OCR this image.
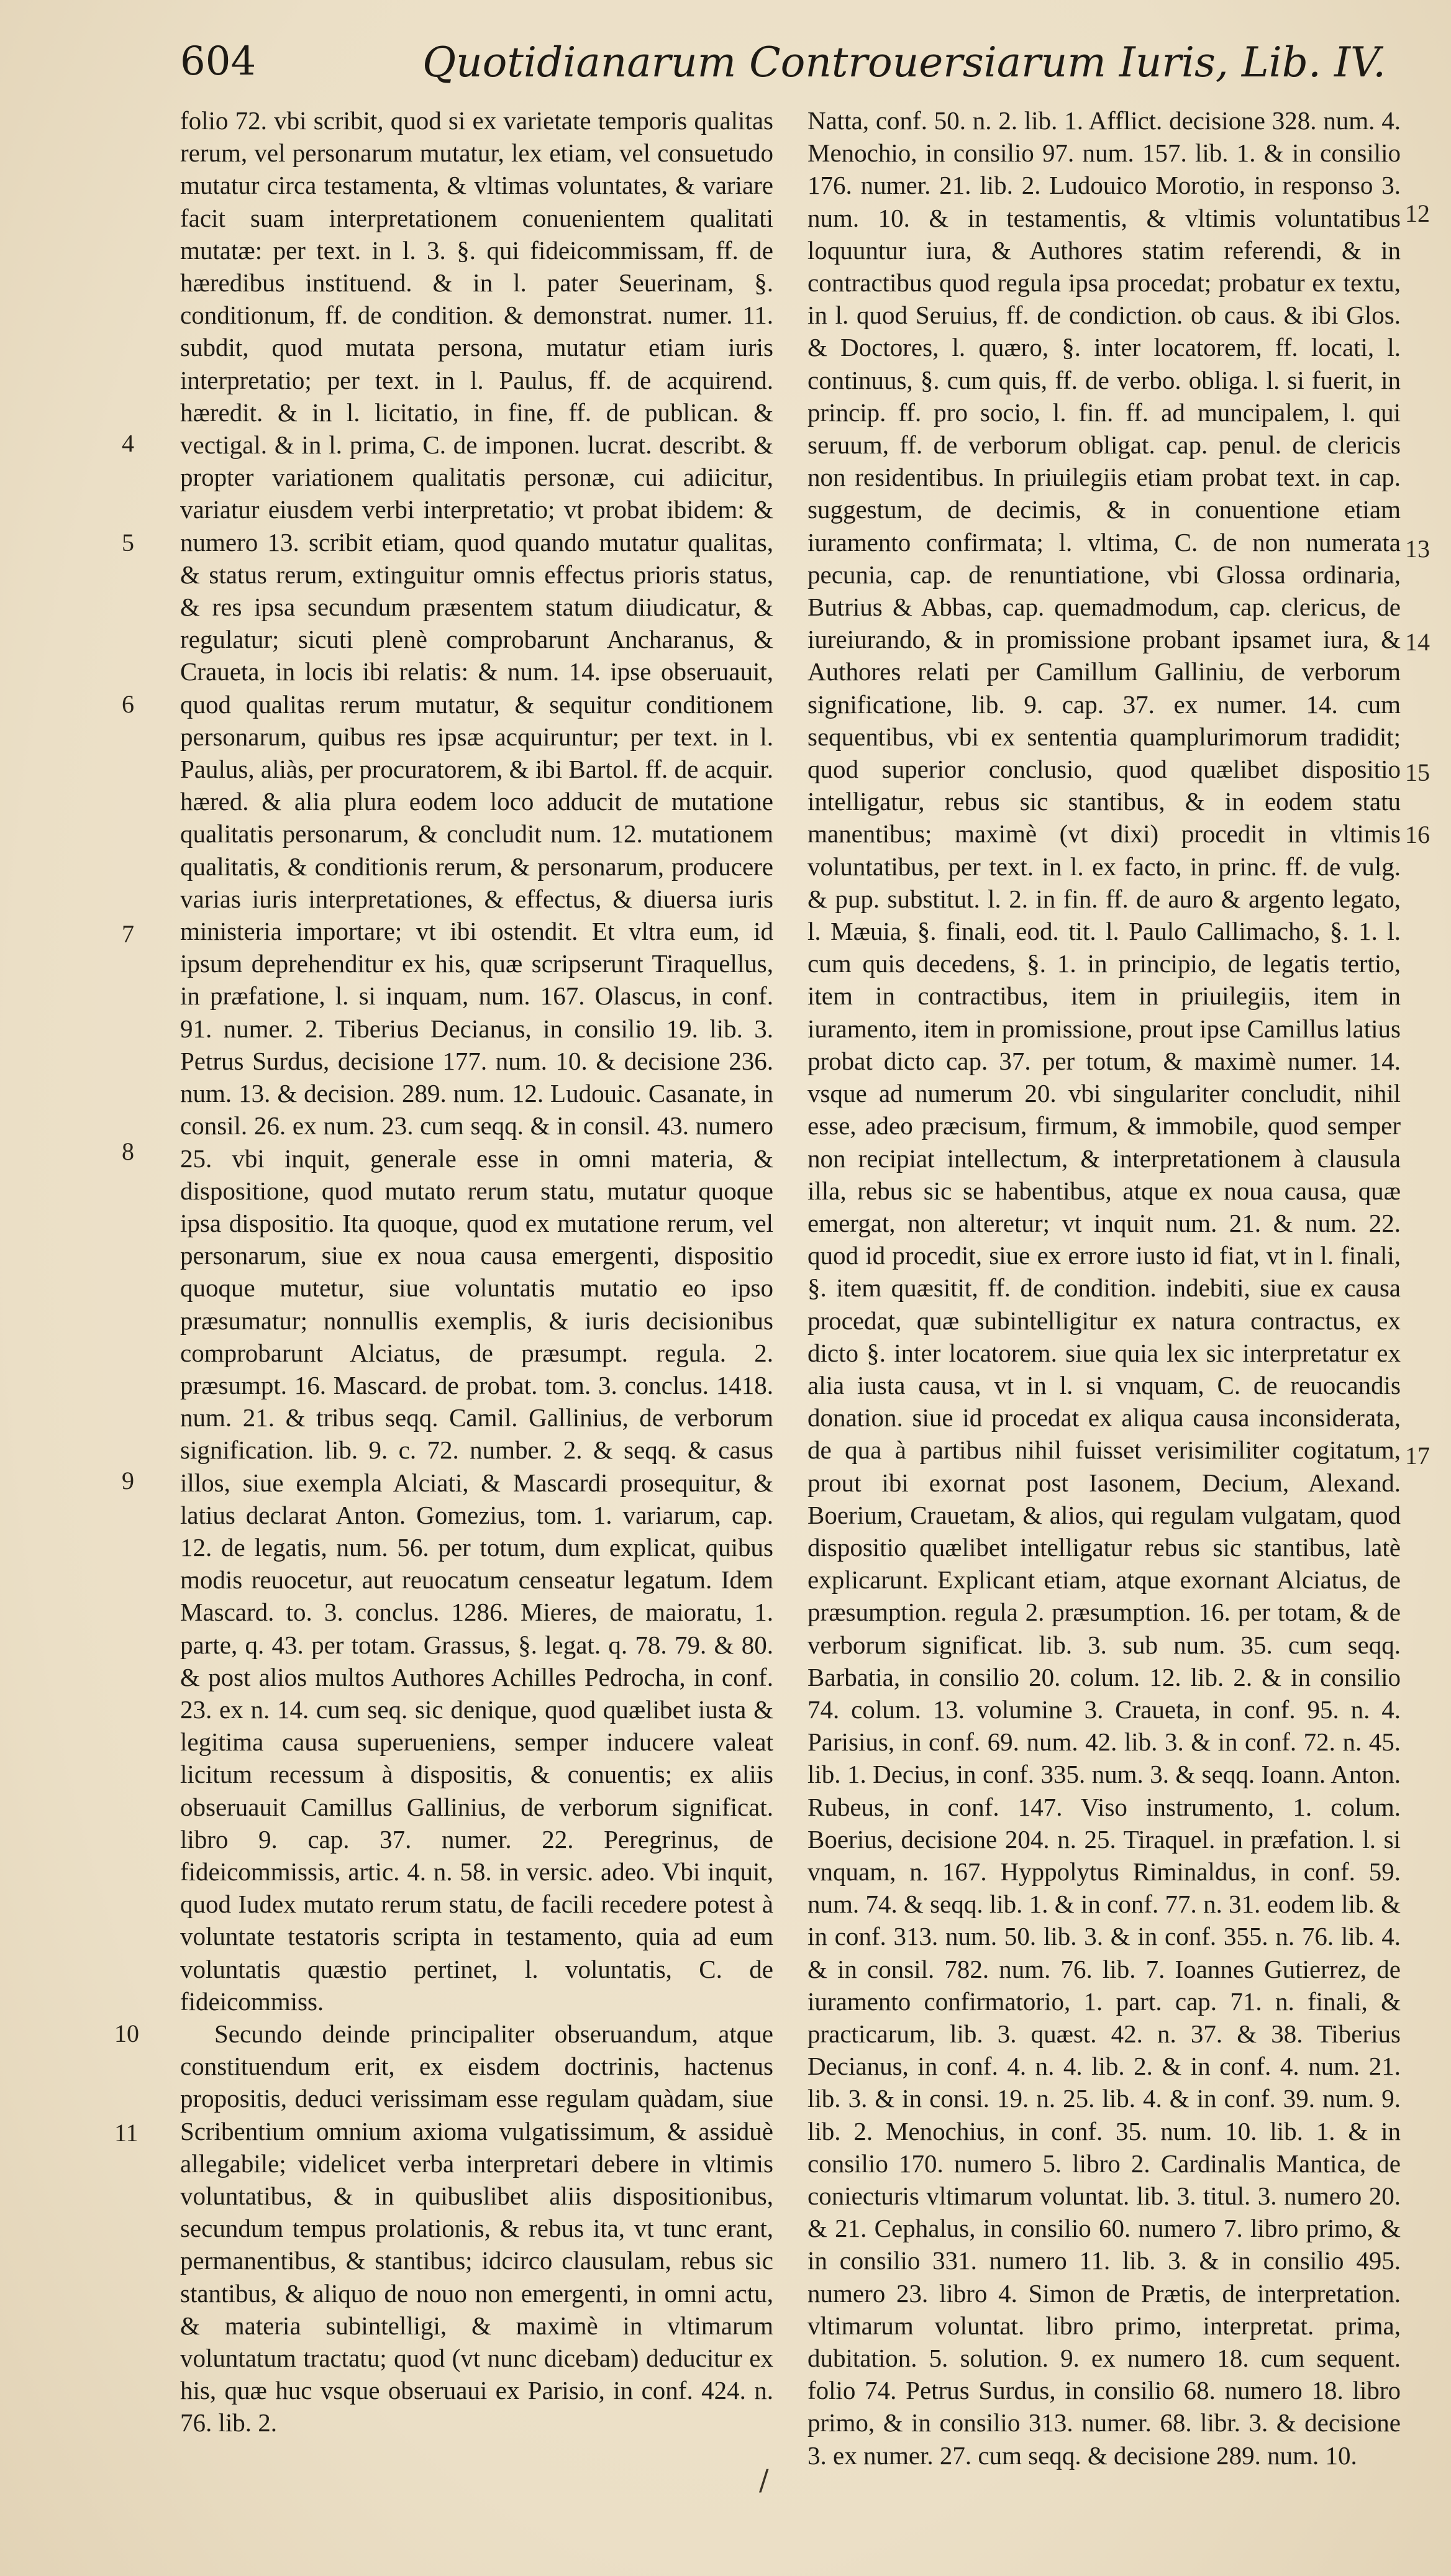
604	Quotidianarum Controuersiarum Iuris, Lib. IV.

folio 72. vbi scribit, quod si ex varietate temporis qualitas rerum, vel personarum mutatur, lex etiam, vel consuetudo mutatur circa testamenta, & vltimas voluntates, & variare facit suam interpretationem conuenientem qualitati mutatæ: per text. in l. 3. §. qui fideicommissam, ff. de hæredibus instituend. & in l. pater Seuerinam, §. conditionum, ff. de condition. & demonstrat. numer. 11. subdit, quod mutata persona, mutatur etiam iuris interpretatio; per text. in l. Paulus, ff. de acquirend. hæredit. & in l. licitatio, in fine, ff. de publican. & vectigal. & in l. prima, C. de imponen. lucrat. describt. & propter variationem qualitatis personæ, cui adiicitur, variatur eiusdem verbi interpretatio; vt probat ibidem: & numero 13. scribit etiam, quod quando mutatur qualitas, & status rerum, extinguitur omnis effectus prioris status, & res ipsa secundum præsentem statum diiudicatur, & regulatur; sicuti plenè comprobarunt Ancharanus, & Craueta, in locis ibi relatis: & num. 14. ipse obseruauit, quod qualitas rerum mutatur, & sequitur conditionem personarum, quibus res ipsæ acquiruntur; per text. in l. Paulus, aliàs, per procuratorem, & ibi Bartol. ff. de acquir. hæred. & alia plura eodem loco adducit de mutatione qualitatis personarum, & concludit num. 12. mutationem qualitatis, & conditionis rerum, & personarum, producere varias iuris interpretationes, & effectus, & diuersa iuris ministeria importare; vt ibi ostendit. Et vltra eum, id ipsum deprehenditur ex his, quæ scripserunt Tiraquellus, in præfatione, l. si inquam, num. 167. Olascus, in conf. 91. numer. 2. Tiberius Decianus, in consilio 19. lib. 3. Petrus Surdus, decisione 177. num. 10. & decisione 236. num. 13. & decision. 289. num. 12. Ludouic. Casanate, in consil. 26. ex num. 23. cum seqq. & in consil. 43. numero 25. vbi inquit, generale esse in omni materia, & dispositione, quod mutato rerum statu, mutatur quoque ipsa dispositio. Ita quoque, quod ex mutatione rerum, vel personarum, siue ex noua causa emergenti, dispositio quoque mutetur, siue voluntatis mutatio eo ipso præsumatur; nonnullis exemplis, & iuris decisionibus comprobarunt Alciatus, de præsumpt. regula. 2. præsumpt. 16. Mascard. de probat. tom. 3. conclus. 1418. num. 21. & tribus seqq. Camil. Gallinius, de verborum signification. lib. 9. c. 72. number. 2. & seqq. & casus illos, siue exempla Alciati, & Mascardi prosequitur, & latius declarat Anton. Gomezius, tom. 1. variarum, cap. 12. de legatis, num. 56. per totum, dum explicat, quibus modis reuocetur, aut reuocatum censeatur legatum. Idem Mascard. to. 3. conclus. 1286. Mieres, de maioratu, 1. parte, q. 43. per totam. Grassus, §. legat. q. 78. 79. & 80. & post alios multos Authores Achilles Pedrocha, in conf. 23. ex n. 14. cum seq. sic denique, quod quælibet iusta & legitima causa superueniens, semper inducere valeat licitum recessum à dispositis, & conuentis; ex aliis obseruauit Camillus Gallinius, de verborum significat. libro 9. cap. 37. numer. 22. Peregrinus, de fideicommissis, artic. 4. n. 58. in versic. adeo. Vbi inquit, quod Iudex mutato rerum statu, de facili recedere potest à voluntate testatoris scripta in testamento, quia ad eum voluntatis quæstio pertinet, l. voluntatis, C. de fideicommiss.

Secundo deinde principaliter obseruandum, atque constituendum erit, ex eisdem doctrinis, hactenus propositis, deduci verissimam esse regulam quàdam, siue Scribentium omnium axioma vulgatissimum, & assiduè allegabile; videlicet verba interpretari debere in vltimis voluntatibus, & in quibuslibet aliis dispositionibus, secundum tempus prolationis, & rebus ita, vt tunc erant, permanentibus, & stantibus; idcirco clausulam, rebus sic stantibus, & aliquo de nouo non emergenti, in omni actu, & materia subintelligi, & maximè in vltimarum voluntatum tractatu; quod (vt nunc dicebam) deducitur ex his, quæ huc vsque obseruaui ex Parisio, in conf. 424. n. 76. lib. 2.

Natta, conf. 50. n. 2. lib. 1. Afflict. decisione 328. num. 4. Menochio, in consilio 97. num. 157. lib. 1. & in consilio 176. numer. 21. lib. 2. Ludouico Morotio, in responso 3. num. 10. & in testamentis, & vltimis voluntatibus loquuntur iura, & Authores statim referendi, & in contractibus quod regula ipsa procedat; probatur ex textu, in l. quod Seruius, ff. de condiction. ob caus. & ibi Glos. & Doctores, l. quæro, §. inter locatorem, ff. locati, l. continuus, §. cum quis, ff. de verbo. obliga. l. si fuerit, in princip. ff. pro socio, l. fin. ff. ad muncipalem, l. qui seruum, ff. de verborum obligat. cap. penul. de clericis non residentibus. In priuilegiis etiam probat text. in cap. suggestum, de decimis, & in conuentione etiam iuramento confirmata; l. vltima, C. de non numerata pecunia, cap. de renuntiatione, vbi Glossa ordinaria, Butrius & Abbas, cap. quemadmodum, cap. clericus, de iureiurando, & in promissione probant ipsamet iura, & Authores relati per Camillum Galliniu, de verborum significatione, lib. 9. cap. 37. ex numer. 14. cum sequentibus, vbi ex sententia quamplurimorum tradidit; quod superior conclusio, quod quælibet dispositio intelligatur, rebus sic stantibus, & in eodem statu manentibus; maximè (vt dixi) procedit in vltimis voluntatibus, per text. in l. ex facto, in princ. ff. de vulg. & pup. substitut. l. 2. in fin. ff. de auro & argento legato, l. Mæuia, §. finali, eod. tit. l. Paulo Callimacho, §. 1. l. cum quis decedens, §. 1. in principio, de legatis tertio, item in contractibus, item in priuilegiis, item in iuramento, item in promissione, prout ipse Camillus latius probat dicto cap. 37. per totum, & maximè numer. 14. vsque ad numerum 20. vbi singulariter concludit, nihil esse, adeo præcisum, firmum, & immobile, quod semper non recipiat intellectum, & interpretationem à clausula illa, rebus sic se habentibus, atque ex noua causa, quæ emergat, non alteretur; vt inquit num. 21. & num. 22. quod id procedit, siue ex errore iusto id fiat, vt in l. finali, §. item quæsitit, ff. de condition. indebiti, siue ex causa procedat, quæ subintelligitur ex natura contractus, ex dicto §. inter locatorem. siue quia lex sic interpretatur ex alia iusta causa, vt in l. si vnquam, C. de reuocandis donation. siue id procedat ex aliqua causa inconsiderata, de qua à partibus nihil fuisset verisimiliter cogitatum, prout ibi exornat post Iasonem, Decium, Alexand. Boerium, Crauetam, & alios, qui regulam vulgatam, quod dispositio quælibet intelligatur rebus sic stantibus, latè explicarunt. Explicant etiam, atque exornant Alciatus, de præsumption. regula 2. præsumption. 16. per totam, & de verborum significat. lib. 3. sub num. 35. cum seqq. Barbatia, in consilio 20. colum. 12. lib. 2. & in consilio 74. colum. 13. volumine 3. Craueta, in conf. 95. n. 4. Parisius, in conf. 69. num. 42. lib. 3. & in conf. 72. n. 45. lib. 1. Decius, in conf. 335. num. 3. & seqq. Ioann. Anton. Rubeus, in conf. 147. Viso instrumento, 1. colum. Boerius, decisione 204. n. 25. Tiraquel. in præfation. l. si vnquam, n. 167. Hyppolytus Riminaldus, in conf. 59. num. 74. & seqq. lib. 1. & in conf. 77. n. 31. eodem lib. & in conf. 313. num. 50. lib. 3. & in conf. 355. n. 76. lib. 4. & in consil. 782. num. 76. lib. 7. Ioannes Gutierrez, de iuramento confirmatorio, 1. part. cap. 71. n. finali, & practicarum, lib. 3. quæst. 42. n. 37. & 38. Tiberius Decianus, in conf. 4. n. 4. lib. 2. & in conf. 4. num. 21. lib. 3. & in consi. 19. n. 25. lib. 4. & in conf. 39. num. 9. lib. 2. Menochius, in conf. 35. num. 10. lib. 1. & in consilio 170. numero 5. libro 2. Cardinalis Mantica, de coniecturis vltimarum voluntat. lib. 3. titul. 3. numero 20. & 21. Cephalus, in consilio 60. numero 7. libro primo, & in consilio 331. numero 11. lib. 3. & in consilio 495. numero 23. libro 4. Simon de Prætis, de interpretation. vltimarum voluntat. libro primo, interpretat. prima, dubitation. 5. solution. 9. ex numero 18. cum sequent. folio 74. Petrus Surdus, in consilio 68. numero 18. libro primo, & in consilio 313. numer. 68. libr. 3. & decisione 3. ex numer. 27. cum seqq. & decisione 289. num. 10.

4
5
6
7
8
9
10
11
12
13
14
15
16
17
/
